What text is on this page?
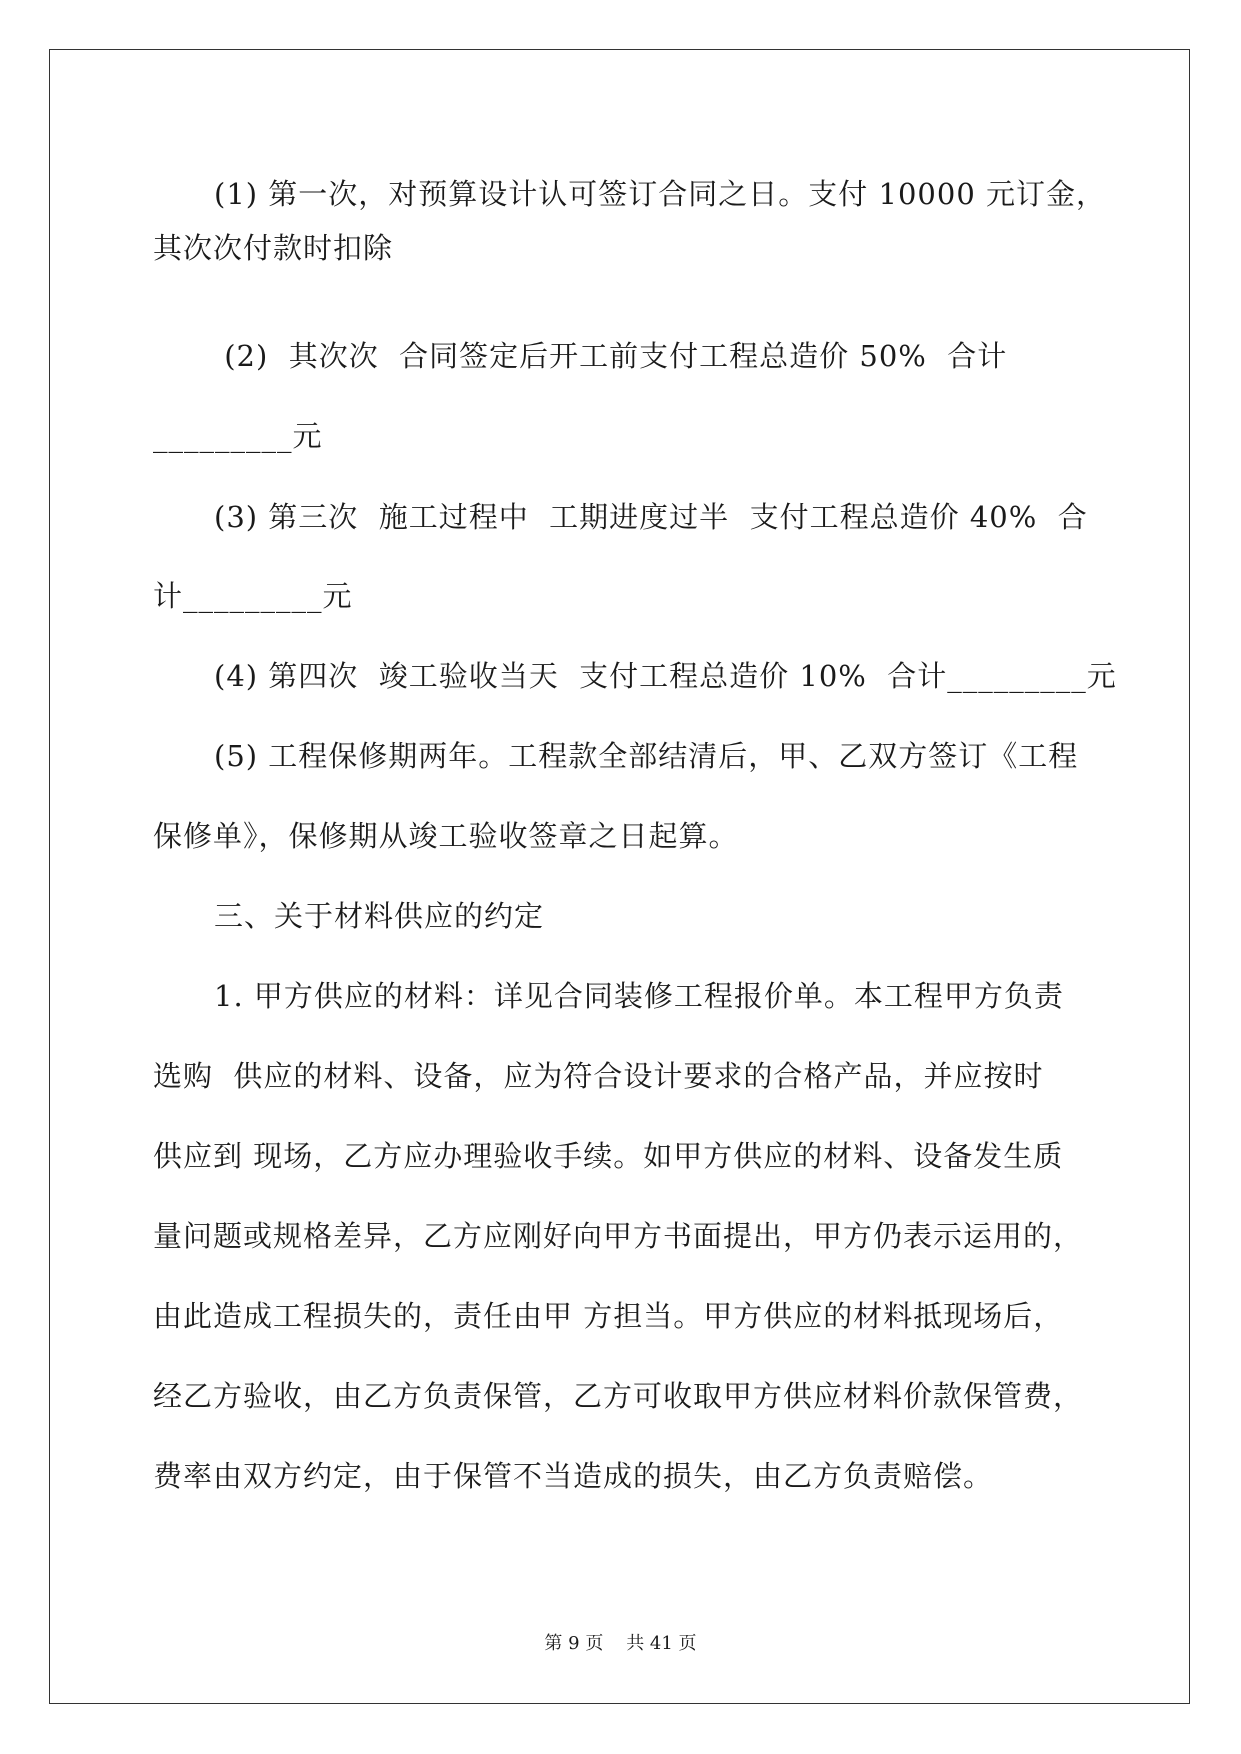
(1) 第一次，对预算设计认可签订合同之日。支付 10000 元订金，
其次次付款时扣除
(2)  其次次  合同签定后开工前支付工程总造价 50%  合计
_________元
(3) 第三次  施工过程中  工期进度过半  支付工程总造价 40%  合
计_________元
(4) 第四次  竣工验收当天  支付工程总造价 10%  合计_________元
(5) 工程保修期两年。工程款全部结清后，甲、乙双方签订《工程
保修单》，保修期从竣工验收签章之日起算。
三、关于材料供应的约定
1. 甲方供应的材料：详见合同装修工程报价单。本工程甲方负责
选购  供应的材料、设备，应为符合设计要求的合格产品，并应按时
供应到 现场，乙方应办理验收手续。如甲方供应的材料、设备发生质
量问题或规格差异，乙方应刚好向甲方书面提出，甲方仍表示运用的，
由此造成工程损失的，责任由甲 方担当。甲方供应的材料抵现场后，
经乙方验收，由乙方负责保管，乙方可收取甲方供应材料价款保管费，
费率由双方约定，由于保管不当造成的损失，由乙方负责赔偿。
第 9 页    共 41 页
